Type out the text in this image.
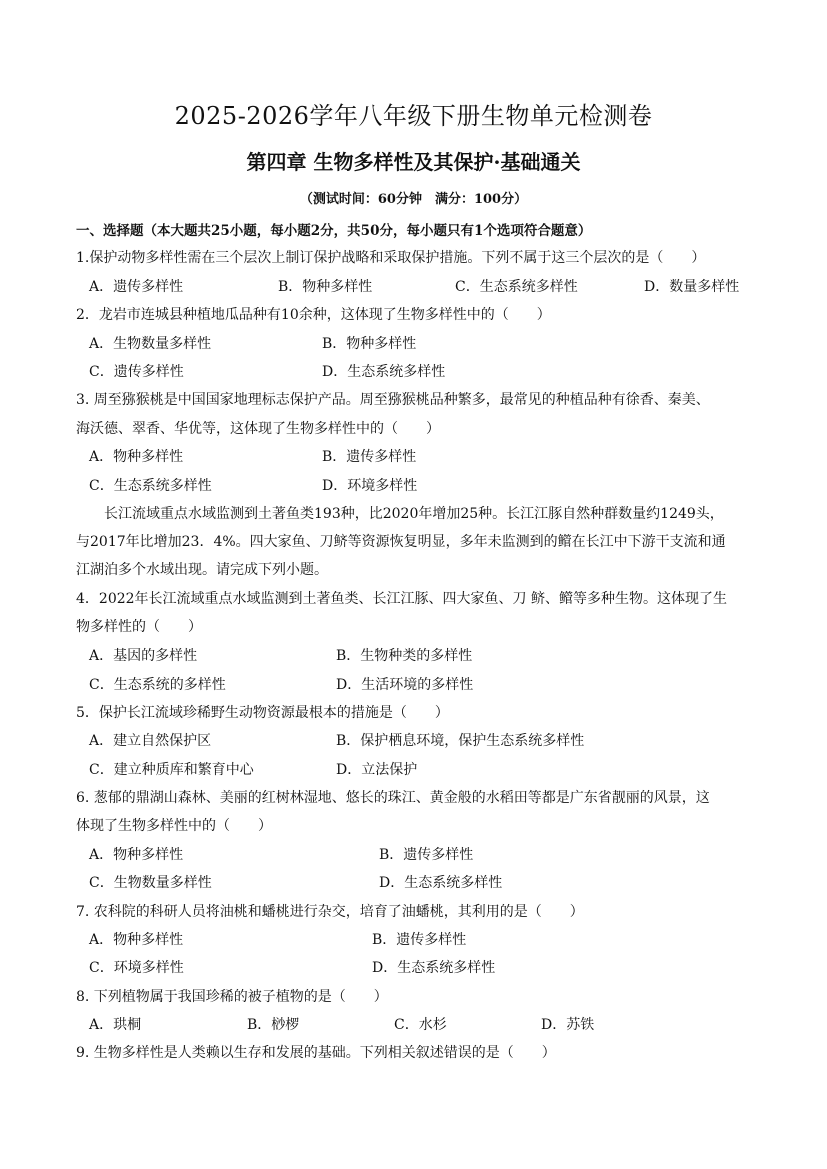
2025-2026学年八年级下册生物单元检测卷
第四章 生物多样性及其保护·基础通关
（测试时间：60分钟　满分：100分）
一、选择题（本大题共25小题，每小题2分，共50分，每小题只有1个选项符合题意）
1.保护动物多样性需在三个层次上制订保护战略和采取保护措施。下列不属于这三个层次的是（　　）
A．遗传多样性	B．物种多样性	C．生态系统多样性	D．数量多样性
2．龙岩市连城县种植地瓜品种有10余种，这体现了生物多样性中的（　　）
A．生物数量多样性	B．物种多样性
C．遗传多样性	D．生态系统多样性
3. 周至猕猴桃是中国国家地理标志保护产品。周至猕猴桃品种繁多，最常见的种植品种有徐香、秦美、
海沃德、翠香、华优等，这体现了生物多样性中的（　　）
A．物种多样性	B．遗传多样性
C．生态系统多样性	D．环境多样性
长江流域重点水域监测到土著鱼类193种，比2020年增加25种。长江江豚自然种群数量约1249头，
与2017年比增加23．4%。四大家鱼、刀鲚等资源恢复明显，多年未监测到的鳤在长江中下游干支流和通
江湖泊多个水域出现。请完成下列小题。
4．2022年长江流域重点水域监测到土著鱼类、长江江豚、四大家鱼、刀 鲚、鳤等多种生物。这体现了生
物多样性的（　　）
A．基因的多样性	B．生物种类的多样性
C．生态系统的多样性	D．生活环境的多样性
5．保护长江流域珍稀野生动物资源最根本的措施是（　　）
A．建立自然保护区	B．保护栖息环境，保护生态系统多样性
C．建立种质库和繁育中心	D．立法保护
6. 葱郁的鼎湖山森林、美丽的红树林湿地、悠长的珠江、黄金般的水稻田等都是广东省靓丽的风景，这
体现了生物多样性中的（　　）
A．物种多样性	B．遗传多样性
C．生物数量多样性	D．生态系统多样性
7. 农科院的科研人员将油桃和蟠桃进行杂交，培育了油蟠桃，其利用的是（　　）
A．物种多样性	B．遗传多样性
C．环境多样性	D．生态系统多样性
8. 下列植物属于我国珍稀的被子植物的是（　　）
A．珙桐	B．桫椤	C．水杉	D．苏铁
9. 生物多样性是人类赖以生存和发展的基础。下列相关叙述错误的是（　　）
